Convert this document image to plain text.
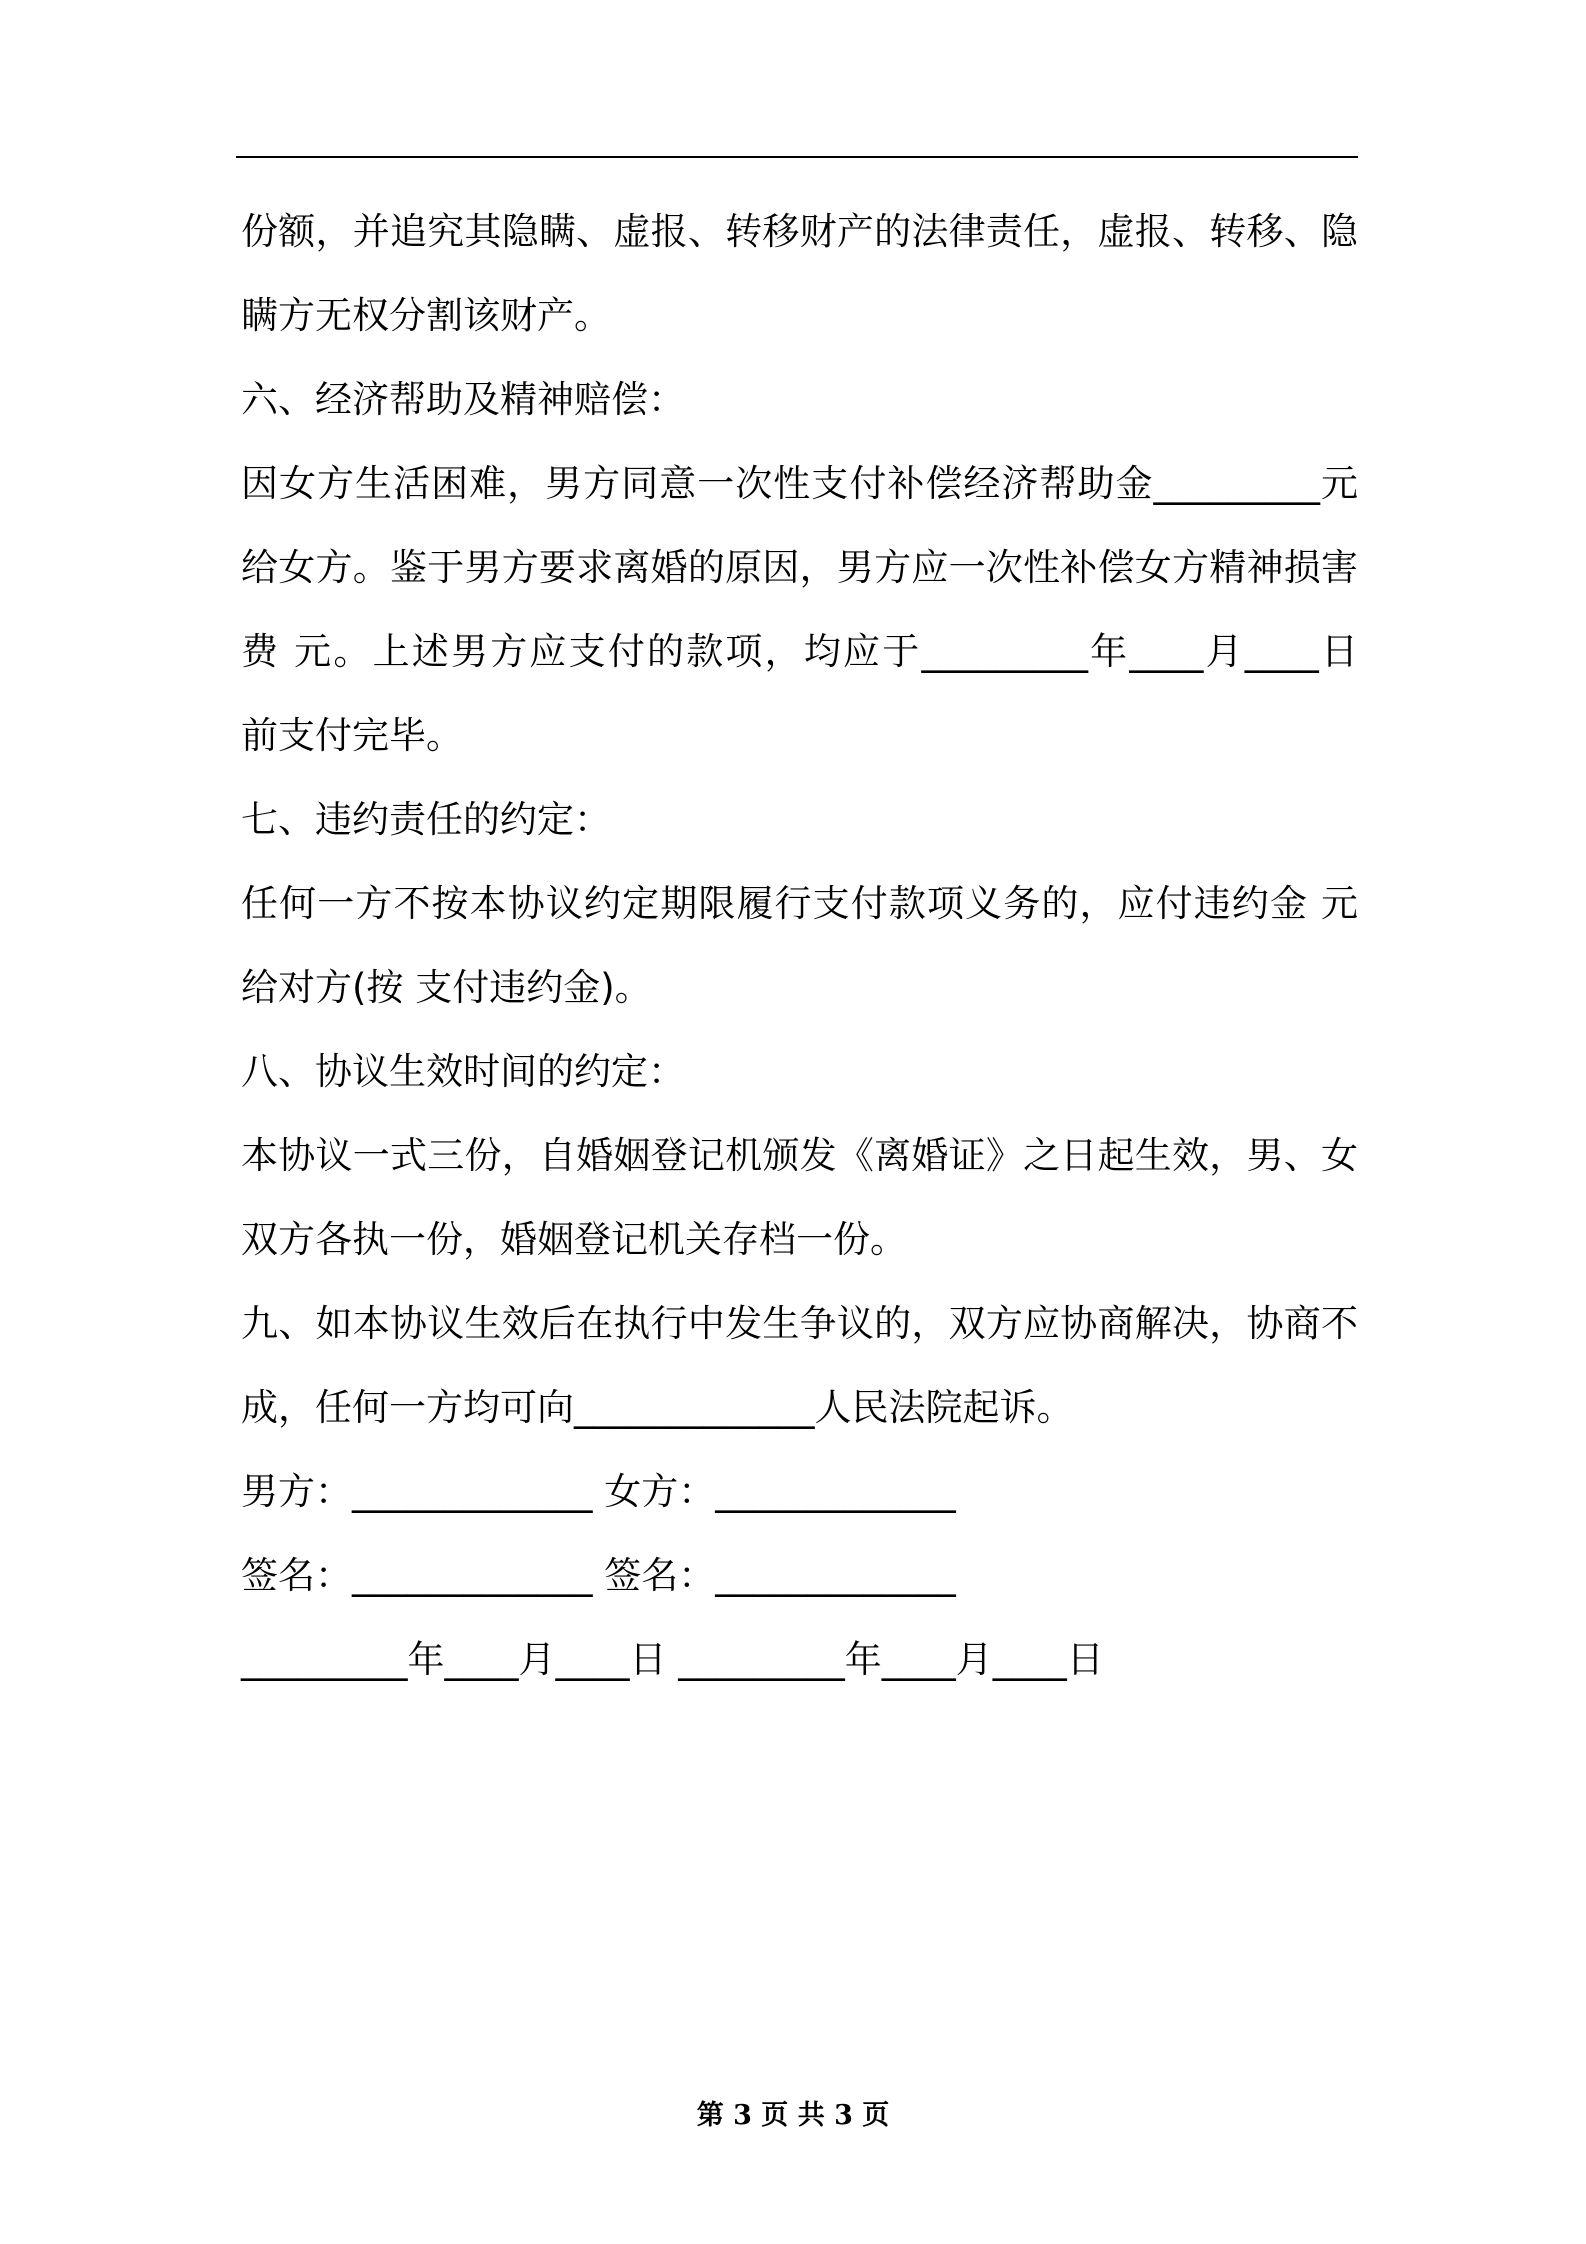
份额，并追究其隐瞒、虚报、转移财产的法律责任，虚报、转移、隐
瞒方无权分割该财产。
六、经济帮助及精神赔偿：
因女方生活困难，男方同意一次性支付补偿经济帮助金_________元
给女方。鉴于男方要求离婚的原因，男方应一次性补偿女方精神损害
费 元。上述男方应支付的款项，均应于_________年____月____日
前支付完毕。
七、违约责任的约定：
任何一方不按本协议约定期限履行支付款项义务的，应付违约金 元
给对方(按 支付违约金)。
八、协议生效时间的约定：
本协议一式三份，自婚姻登记机颁发《离婚证》之日起生效，男、女
双方各执一份，婚姻登记机关存档一份。
九、如本协议生效后在执行中发生争议的，双方应协商解决，协商不
成，任何一方均可向_____________人民法院起诉。
男方：_____________ 女方：_____________
签名：_____________ 签名：_____________
_________年____月____日 _________年____月____日
第 3 页 共 3 页
